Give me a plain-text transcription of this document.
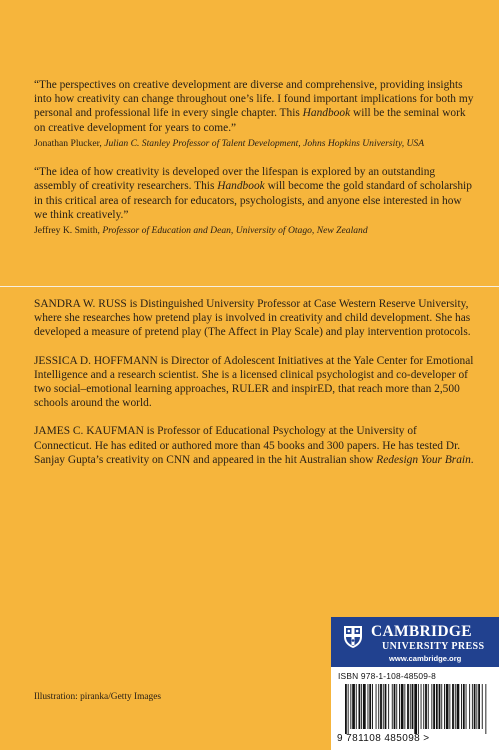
“The perspectives on creative development are diverse and comprehensive, providing insights into how creativity can change throughout one’s life. I found important implications for both my personal and professional life in every single chapter. This Handbook will be the seminal work on creative development for years to come.”

Jonathan Plucker, Julian C. Stanley Professor of Talent Development, Johns Hopkins University, USA

“The idea of how creativity is developed over the lifespan is explored by an outstanding assembly of creativity researchers. This Handbook will become the gold standard of scholarship in this critical area of research for educators, psychologists, and anyone else interested in how we think creatively.”

Jeffrey K. Smith, Professor of Education and Dean, University of Otago, New Zealand

SANDRA W. RUSS is Distinguished University Professor at Case Western Reserve University, where she researches how pretend play is involved in creativity and child development. She has developed a measure of pretend play (The Affect in Play Scale) and play intervention protocols.

JESSICA D. HOFFMANN is Director of Adolescent Initiatives at the Yale Center for Emotional Intelligence and a research scientist. She is a licensed clinical psychologist and co-developer of two social–emotional learning approaches, RULER and inspirED, that reach more than 2,500 schools around the world.

JAMES C. KAUFMAN is Professor of Educational Psychology at the University of Connecticut. He has edited or authored more than 45 books and 300 papers. He has tested Dr. Sanjay Gupta’s creativity on CNN and appeared in the hit Australian show Redesign Your Brain.

Illustration: piranka/Getty Images
CAMBRIDGE
UNIVERSITY PRESS
www.cambridge.org
ISBN 978-1-108-48509-8
9 781108 485098 >
